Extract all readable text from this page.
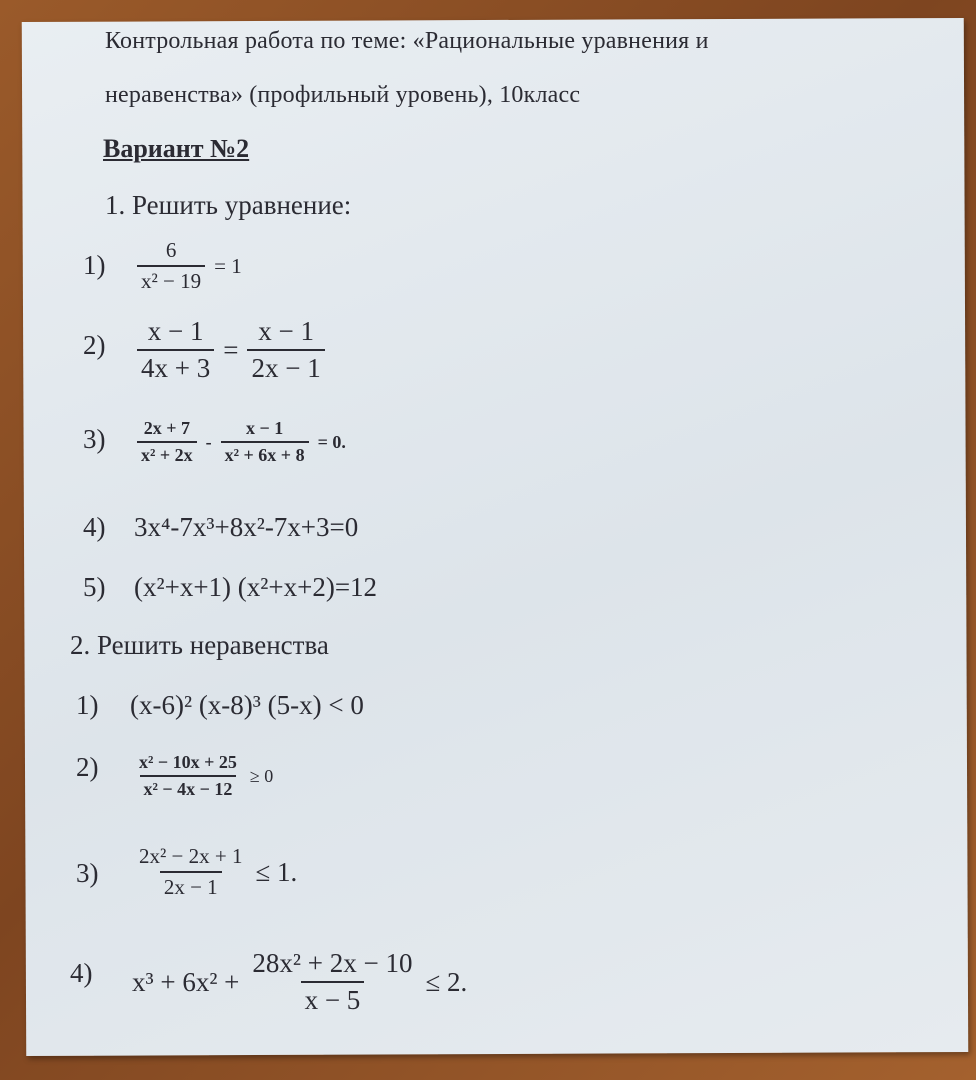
Контрольная работа по теме: «Рациональные уравнения и
неравенства» (профильный уровень), 10класс
Вариант №2
1. Решить уравнение:
$1) \frac{6}{\text{x² − 19}} = 1$
$2) \frac{x - 1}{4x + 3} = \frac{x - 1}{2x - 1}$
$3) \frac{2x + 7}{\text{x² + 2x}} - \frac{x - 1}{\text{x² + 6x + 8}} = 0$.
4) 3x⁴-7x³+8x²-7x+3=0
5) (x²+x+1) (x²+x+2)=12
2. Решить неравенства
1) (x-6)² (x-8)³ (5-x) < 0
$2) \frac{\text{x² − 10x + 25}}{\text{x² − 4x − 12}} \ge 0$
$3) \frac{\text{2x² − 2x + 1}}{2x - 1} \le 1$.
4) $x^3 + 6x^2 + \frac{\text{28x² + 2x − 10}}{x - 5} \le 2$.
